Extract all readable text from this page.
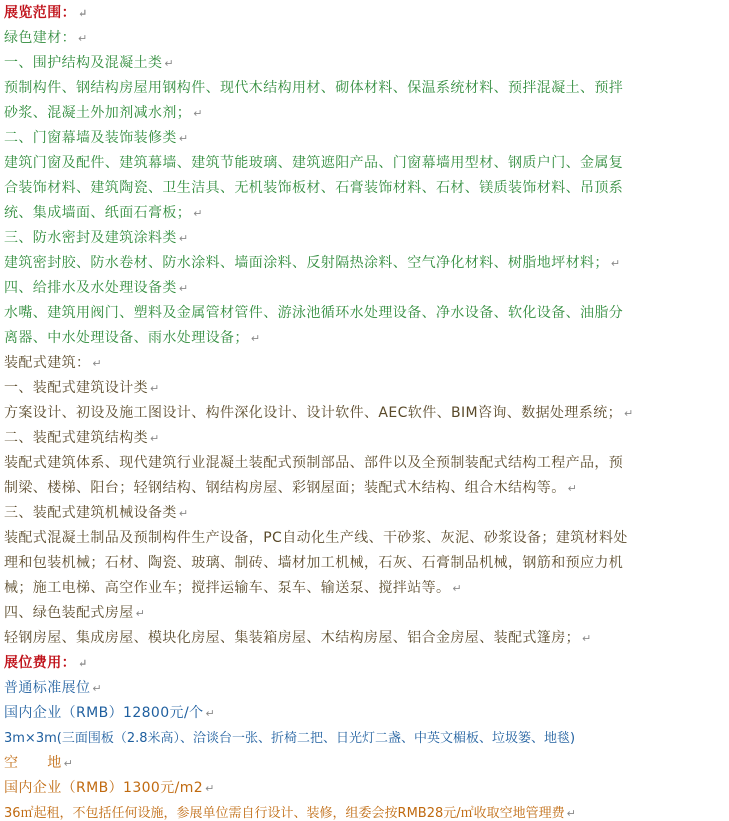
展览范围： ↵
绿色建材： ↵
一、围护结构及混凝土类 ↵
预制构件、钢结构房屋用钢构件、现代木结构用材、砌体材料、保温系统材料、预拌混凝土、预拌
砂浆、混凝土外加剂减水剂； ↵
二、门窗幕墙及装饰装修类 ↵
建筑门窗及配件、建筑幕墙、建筑节能玻璃、建筑遮阳产品、门窗幕墙用型材、钢质户门、金属复
合装饰材料、建筑陶瓷、卫生洁具、无机装饰板材、石膏装饰材料、石材、镁质装饰材料、吊顶系
统、集成墙面、纸面石膏板； ↵
三、防水密封及建筑涂料类 ↵
建筑密封胶、防水卷材、防水涂料、墙面涂料、反射隔热涂料、空气净化材料、树脂地坪材料； ↵
四、给排水及水处理设备类 ↵
水嘴、建筑用阀门、塑料及金属管材管件、游泳池循环水处理设备、净水设备、软化设备、油脂分
离器、中水处理设备、雨水处理设备； ↵
装配式建筑： ↵
一、装配式建筑设计类 ↵
方案设计、初设及施工图设计、构件深化设计、设计软件、AEC软件、BIM咨询、数据处理系统； ↵
二、装配式建筑结构类 ↵
装配式建筑体系、现代建筑行业混凝土装配式预制部品、部件以及全预制装配式结构工程产品，预
制梁、楼梯、阳台；轻钢结构、钢结构房屋、彩钢屋面；装配式木结构、组合木结构等。 ↵
三、装配式建筑机械设备类 ↵
装配式混凝土制品及预制构件生产设备，PC自动化生产线、干砂浆、灰泥、砂浆设备；建筑材料处
理和包装机械；石材、陶瓷、玻璃、制砖、墙材加工机械，石灰、石膏制品机械，钢筋和预应力机
械；施工电梯、高空作业车；搅拌运输车、泵车、输送泵、搅拌站等。 ↵
四、绿色装配式房屋 ↵
轻钢房屋、集成房屋、模块化房屋、集装箱房屋、木结构房屋、铝合金房屋、装配式篷房； ↵
展位费用： ↵
普通标准展位 ↵
国内企业（RMB）12800元/个 ↵
3m×3m(三面围板（2.8米高）、洽谈台一张、折椅二把、日光灯二盏、中英文楣板、垃圾篓、地毯)
空　　地 ↵
国内企业（RMB）1300元/m2 ↵
36㎡起租，不包括任何设施，参展单位需自行设计、装修，组委会按RMB28元/㎡收取空地管理费 ↵
